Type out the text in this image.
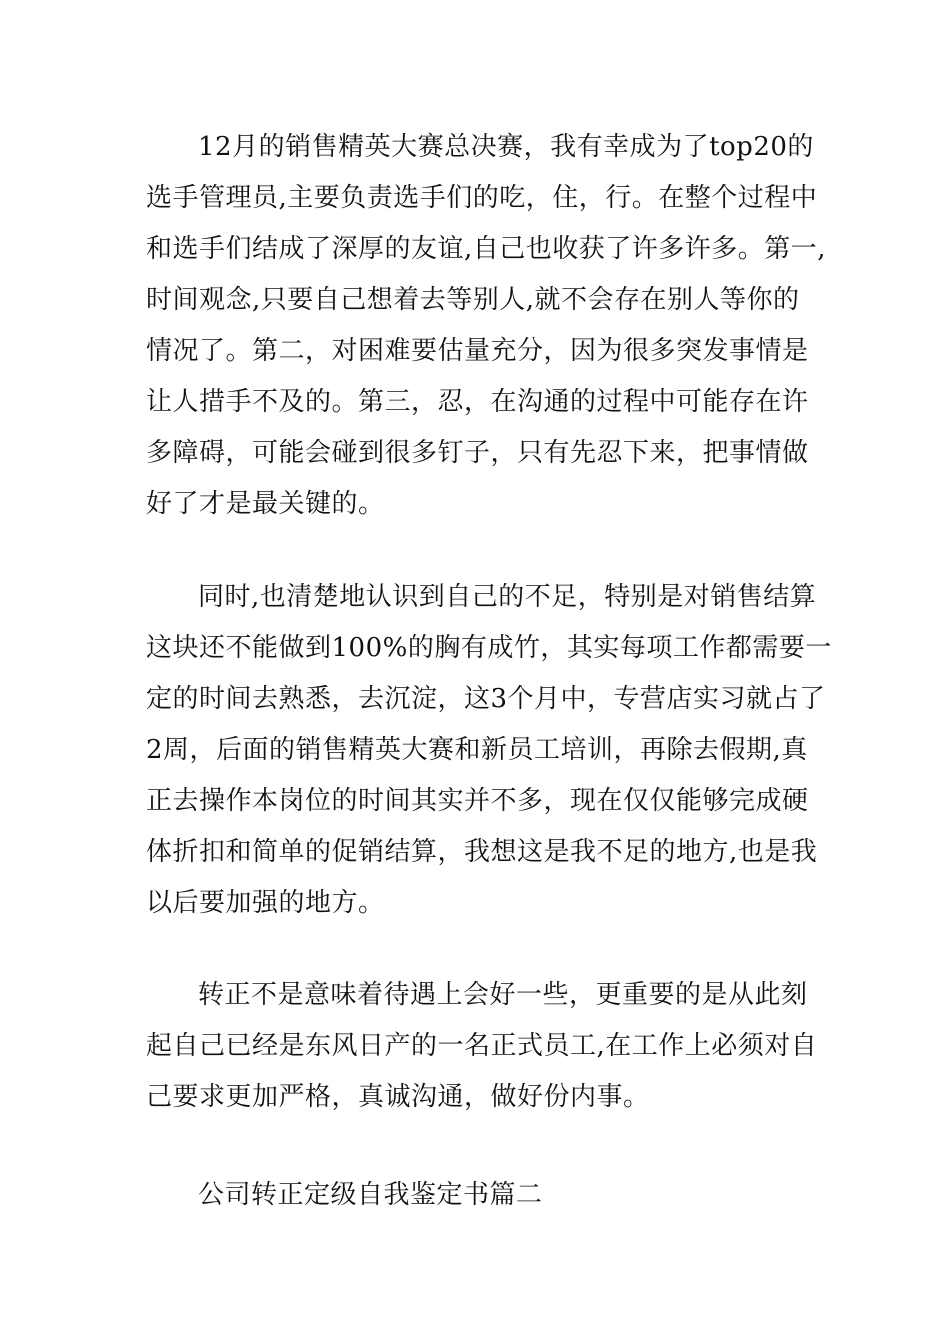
12月的销售精英大赛总决赛，我有幸成为了top20的
选手管理员,主要负责选手们的吃，住，行。在整个过程中
和选手们结成了深厚的友谊,自己也收获了许多许多。第一,
时间观念,只要自己想着去等别人,就不会存在别人等你的
情况了。第二，对困难要估量充分，因为很多突发事情是
让人措手不及的。第三，忍，在沟通的过程中可能存在许
多障碍，可能会碰到很多钉子，只有先忍下来，把事情做
好了才是最关键的。
同时,也清楚地认识到自己的不足，特别是对销售结算
这块还不能做到100%的胸有成竹，其实每项工作都需要一
定的时间去熟悉，去沉淀，这3个月中，专营店实习就占了
2周，后面的销售精英大赛和新员工培训，再除去假期,真
正去操作本岗位的时间其实并不多，现在仅仅能够完成硬
体折扣和简单的促销结算，我想这是我不足的地方,也是我
以后要加强的地方。
转正不是意味着待遇上会好一些，更重要的是从此刻
起自己已经是东风日产的一名正式员工,在工作上必须对自
己要求更加严格，真诚沟通，做好份内事。
公司转正定级自我鉴定书篇二
